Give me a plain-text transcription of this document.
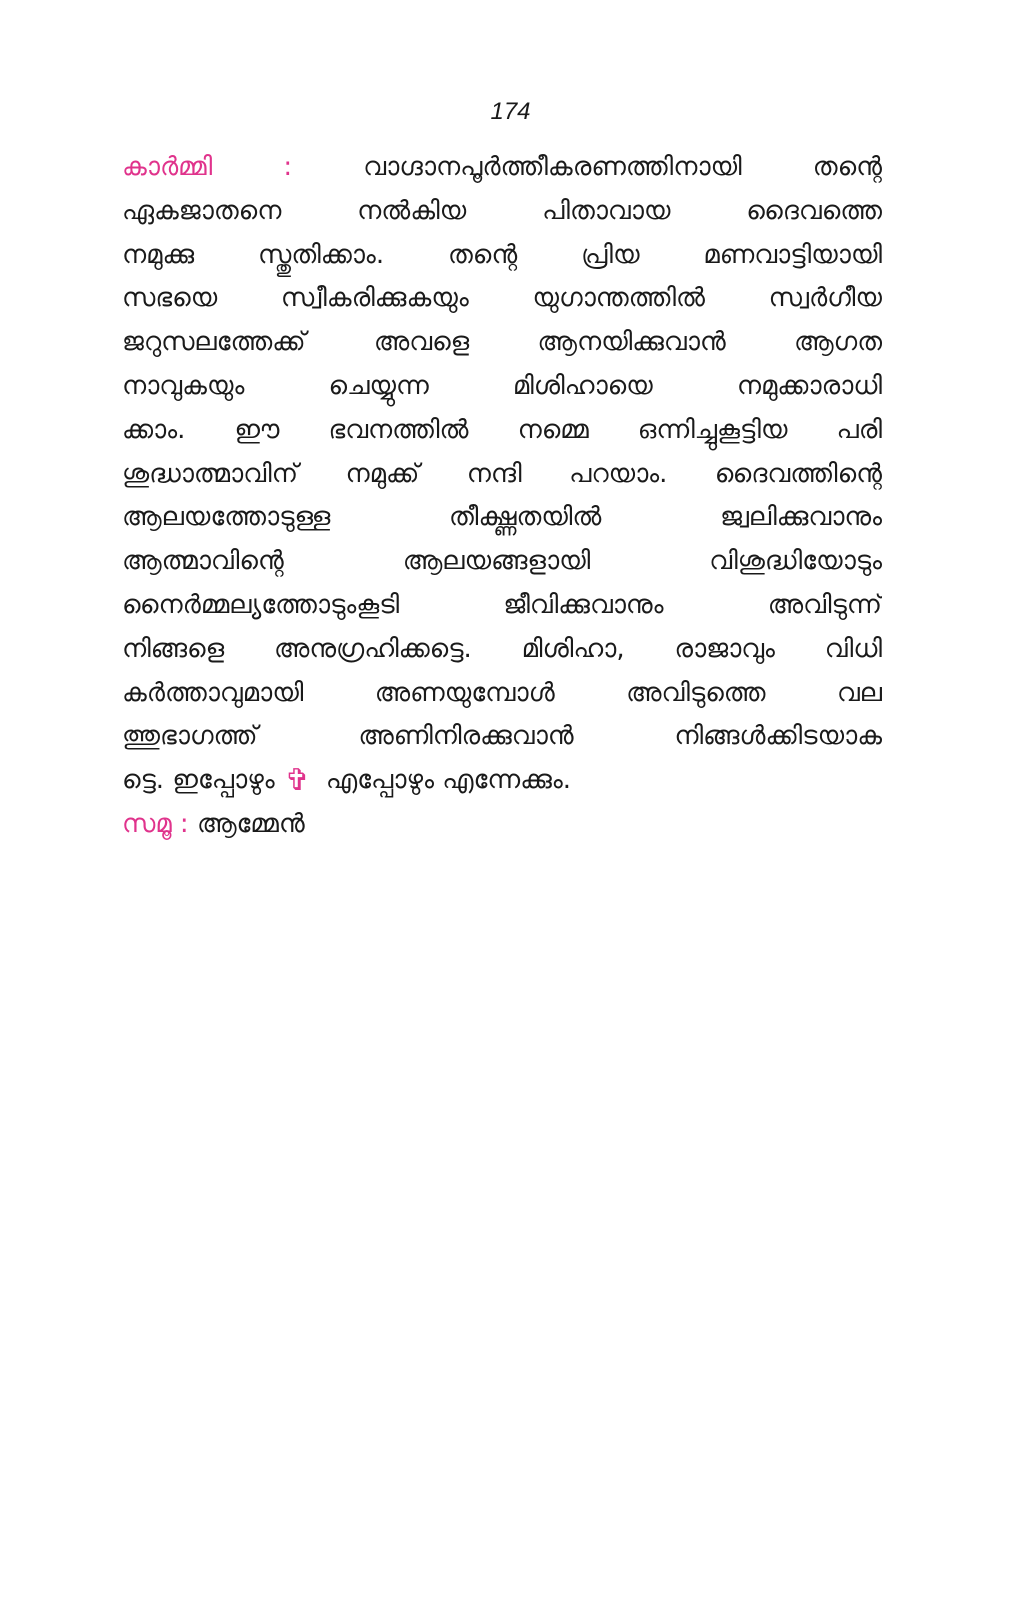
174
കാർമ്മി :	വാഗ്ദാനപൂർത്തീകരണത്തിനായി തന്റെ
ഏകജാതനെ നൽകിയ പിതാവായ ദൈവത്തെ
നമുക്കു സ്തുതിക്കാം. തന്റെ പ്രിയ മണവാട്ടിയായി
സഭയെ സ്വീകരിക്കുകയും യുഗാന്തത്തിൽ സ്വർഗീയ
ജറുസലത്തേക്ക് അവളെ ആനയിക്കുവാൻ ആഗത
നാവുകയും ചെയ്യുന്ന മിശിഹായെ നമുക്കാരാധി
ക്കാം. ഈ ഭവനത്തിൽ നമ്മെ ഒന്നിച്ചുകൂട്ടിയ പരി
ശുദ്ധാത്മാവിന് നമുക്ക് നന്ദി പറയാം. ദൈവത്തിന്റെ
ആലയത്തോടുള്ള തീക്ഷ്ണതയിൽ ജ്വലിക്കുവാനും
ആത്മാവിന്റെ ആലയങ്ങളായി വിശുദ്ധിയോടും
നൈർമ്മല്യത്തോടുംകൂടി ജീവിക്കുവാനും അവിടുന്ന്
നിങ്ങളെ അനുഗ്രഹിക്കട്ടെ. മിശിഹാ, രാജാവും വിധി
കർത്താവുമായി അണയുമ്പോൾ അവിടുത്തെ വല
ത്തുഭാഗത്ത് അണിനിരക്കുവാൻ നിങ്ങൾക്കിടയാക
ട്ടെ. ഇപ്പോഴും ✞ എപ്പോഴും എന്നേക്കും.
സമൂ : ആമ്മേൻ
